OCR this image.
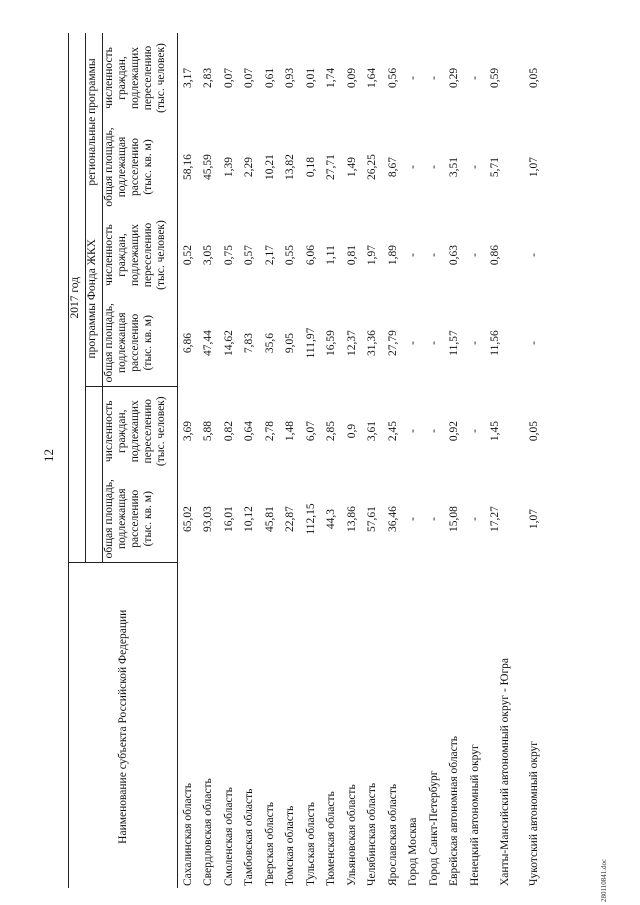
12
Наименование субъекта Российской Федерации	2017 год					
			программы Фонда ЖКХ		региональные программы	
	общая площадь, подлежащая расселению (тыс. кв. м)	численность граждан, подлежащих переселению (тыс. человек)	общая площадь, подлежащая расселению (тыс. кв. м)	численность граждан, подлежащих переселению (тыс. человек)	общая площадь, подлежащая расселению (тыс. кв. м)	численность граждан, подлежащих переселению (тыс. человек)
Сахалинская область	65,02	3,69	6,86	0,52	58,16	3,17
Свердловская область	93,03	5,88	47,44	3,05	45,59	2,83
Смоленская область	16,01	0,82	14,62	0,75	1,39	0,07
Тамбовская область	10,12	0,64	7,83	0,57	2,29	0,07
Тверская область	45,81	2,78	35,6	2,17	10,21	0,61
Томская область	22,87	1,48	9,05	0,55	13,82	0,93
Тульская область	112,15	6,07	111,97	6,06	0,18	0,01
Тюменская область	44,3	2,85	16,59	1,11	27,71	1,74
Ульяновская область	13,86	0,9	12,37	0,81	1,49	0,09
Челябинская область	57,61	3,61	31,36	1,97	26,25	1,64
Ярославская область	36,46	2,45	27,79	1,89	8,67	0,56
Город Москва	-	-	-	-	-	-
Город Санкт-Петербург	-	-	-	-	-	-
Еврейская автономная область	15,08	0,92	11,57	0,63	3,51	0,29
Ненецкий автономный округ	-	-	-	-	-	-
Ханты-Мансийский автономный округ - Югра	17,27	1,45	11,56	0,86	5,71	0,59
Чукотский автономный округ	1,07	0,05	-	-	1,07	0,05
280110841.doc
